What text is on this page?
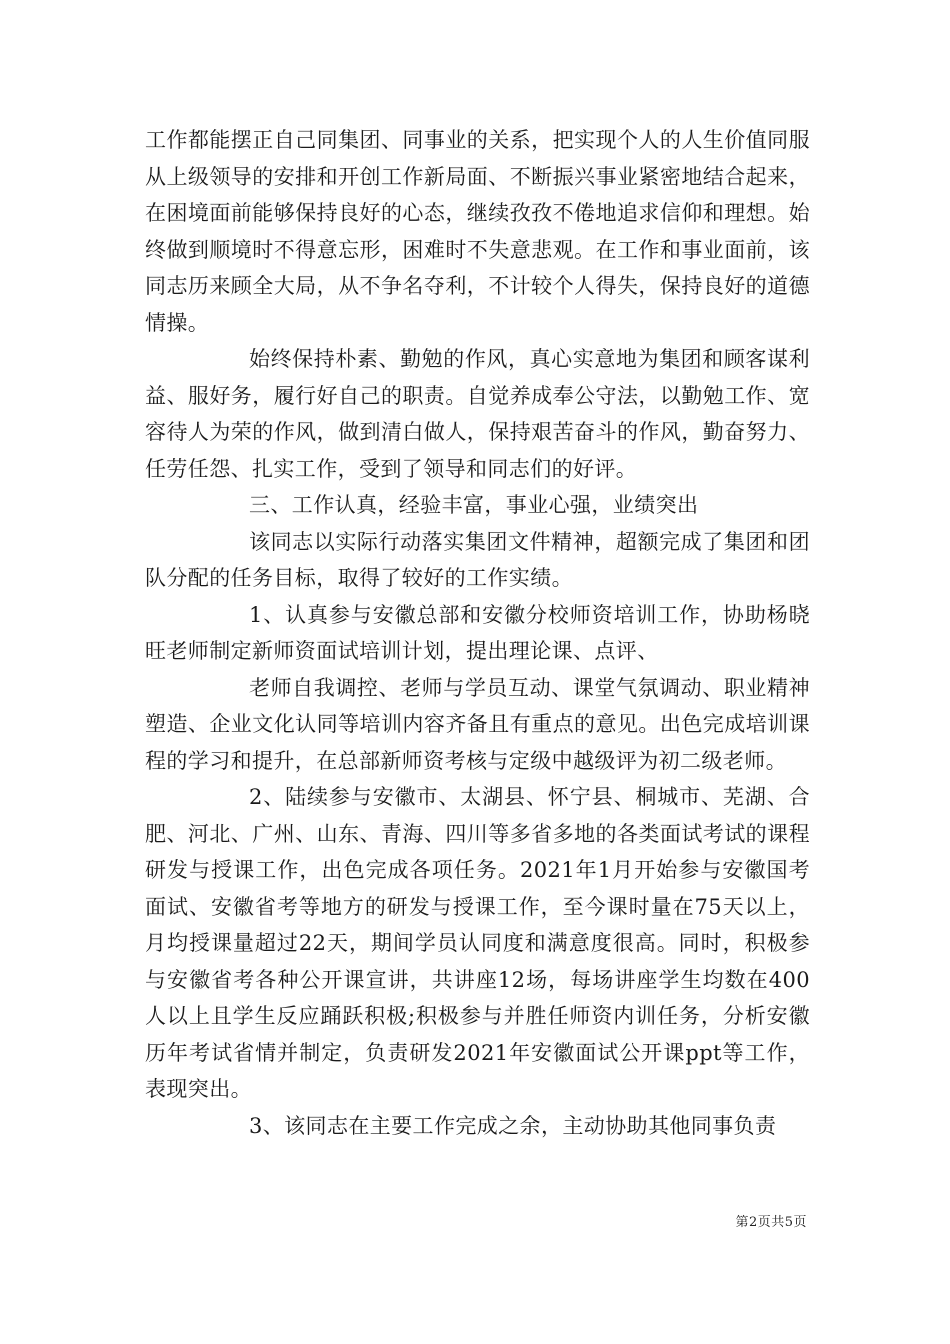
工作都能摆正自己同集团、同事业的关系，把实现个人的人生价值同服从上级领导的安排和开创工作新局面、不断振兴事业紧密地结合起来，在困境面前能够保持良好的心态，继续孜孜不倦地追求信仰和理想。始终做到顺境时不得意忘形，困难时不失意悲观。在工作和事业面前，该同志历来顾全大局，从不争名夺利，不计较个人得失，保持良好的道德情操。

始终保持朴素、勤勉的作风，真心实意地为集团和顾客谋利益、服好务，履行好自己的职责。自觉养成奉公守法，以勤勉工作、宽容待人为荣的作风，做到清白做人，保持艰苦奋斗的作风，勤奋努力、任劳任怨、扎实工作，受到了领导和同志们的好评。

三、工作认真，经验丰富，事业心强，业绩突出

该同志以实际行动落实集团文件精神，超额完成了集团和团队分配的任务目标，取得了较好的工作实绩。

1、认真参与安徽总部和安徽分校师资培训工作，协助杨晓旺老师制定新师资面试培训计划，提出理论课、点评、

老师自我调控、老师与学员互动、课堂气氛调动、职业精神塑造、企业文化认同等培训内容齐备且有重点的意见。出色完成培训课程的学习和提升，在总部新师资考核与定级中越级评为初二级老师。

2、陆续参与安徽市、太湖县、怀宁县、桐城市、芜湖、合肥、河北、广州、山东、青海、四川等多省多地的各类面试考试的课程研发与授课工作，出色完成各项任务。2021年1月开始参与安徽国考面试、安徽省考等地方的研发与授课工作，至今课时量在75天以上，月均授课量超过22天，期间学员认同度和满意度很高。同时，积极参与安徽省考各种公开课宣讲，共讲座12场，每场讲座学生均数在400人以上且学生反应踊跃积极;积极参与并胜任师资内训任务，分析安徽历年考试省情并制定，负责研发2021年安徽面试公开课ppt等工作，表现突出。

3、该同志在主要工作完成之余，主动协助其他同事负责

第2页共5页
